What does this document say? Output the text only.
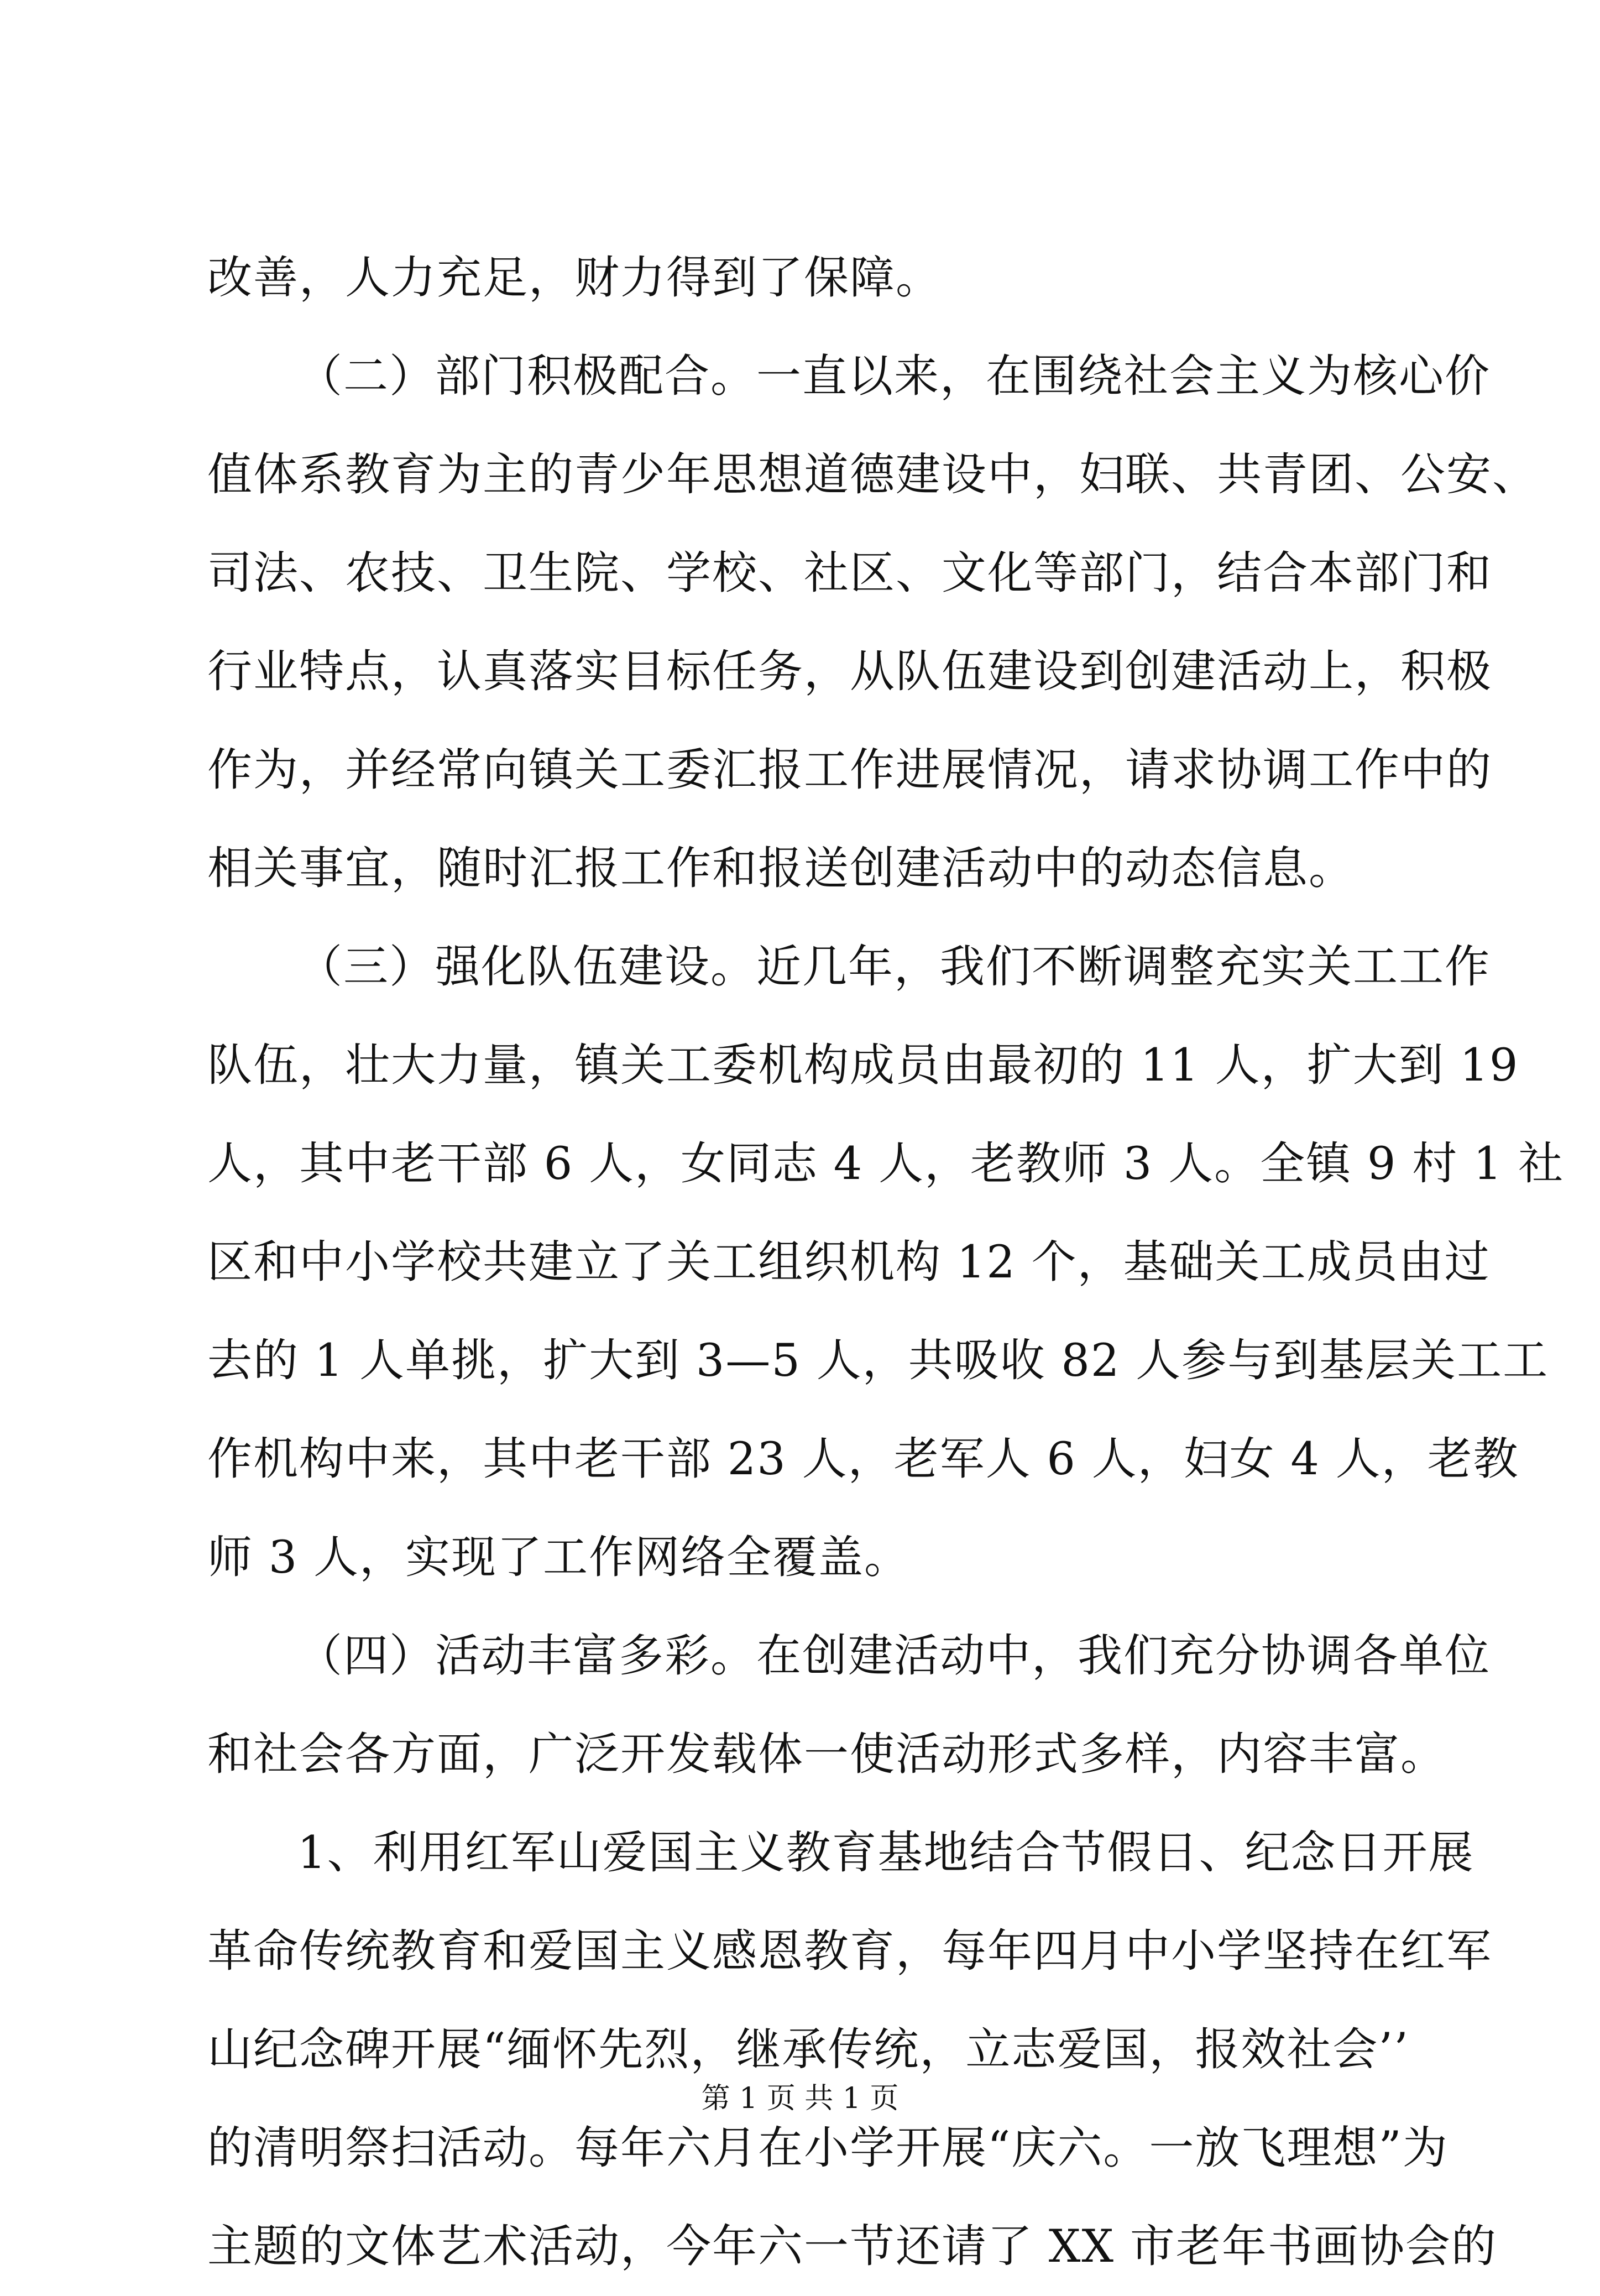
改善，人力充足，财力得到了保障。
（二）部门积极配合。一直以来，在围绕社会主义为核心价
值体系教育为主的青少年思想道德建设中，妇联、共青团、公安、
司法、农技、卫生院、学校、社区、文化等部门，结合本部门和
行业特点，认真落实目标任务，从队伍建设到创建活动上，积极
作为，并经常向镇关工委汇报工作进展情况，请求协调工作中的
相关事宜，随时汇报工作和报送创建活动中的动态信息。
（三）强化队伍建设。近几年，我们不断调整充实关工工作
队伍，壮大力量，镇关工委机构成员由最初的 11 人，扩大到 19
人，其中老干部 6 人，女同志 4 人，老教师 3 人。全镇 9 村 1 社
区和中小学校共建立了关工组织机构 12 个，基础关工成员由过
去的 1 人单挑，扩大到 3—5 人，共吸收 82 人参与到基层关工工
作机构中来，其中老干部 23 人，老军人 6 人，妇女 4 人，老教
师 3 人，实现了工作网络全覆盖。
（四）活动丰富多彩。在创建活动中，我们充分协调各单位
和社会各方面，广泛开发载体一使活动形式多样，内容丰富。
1、利用红军山爱国主义教育基地结合节假日、纪念日开展
革命传统教育和爱国主义感恩教育，每年四月中小学坚持在红军
山纪念碑开展“缅怀先烈，继承传统，立志爱国，报效社会’’
的清明祭扫活动。每年六月在小学开展“庆六。一放飞理想”为
主题的文体艺术活动，今年六一节还请了 XX 市老年书画协会的
第 1 页 共 1 页
